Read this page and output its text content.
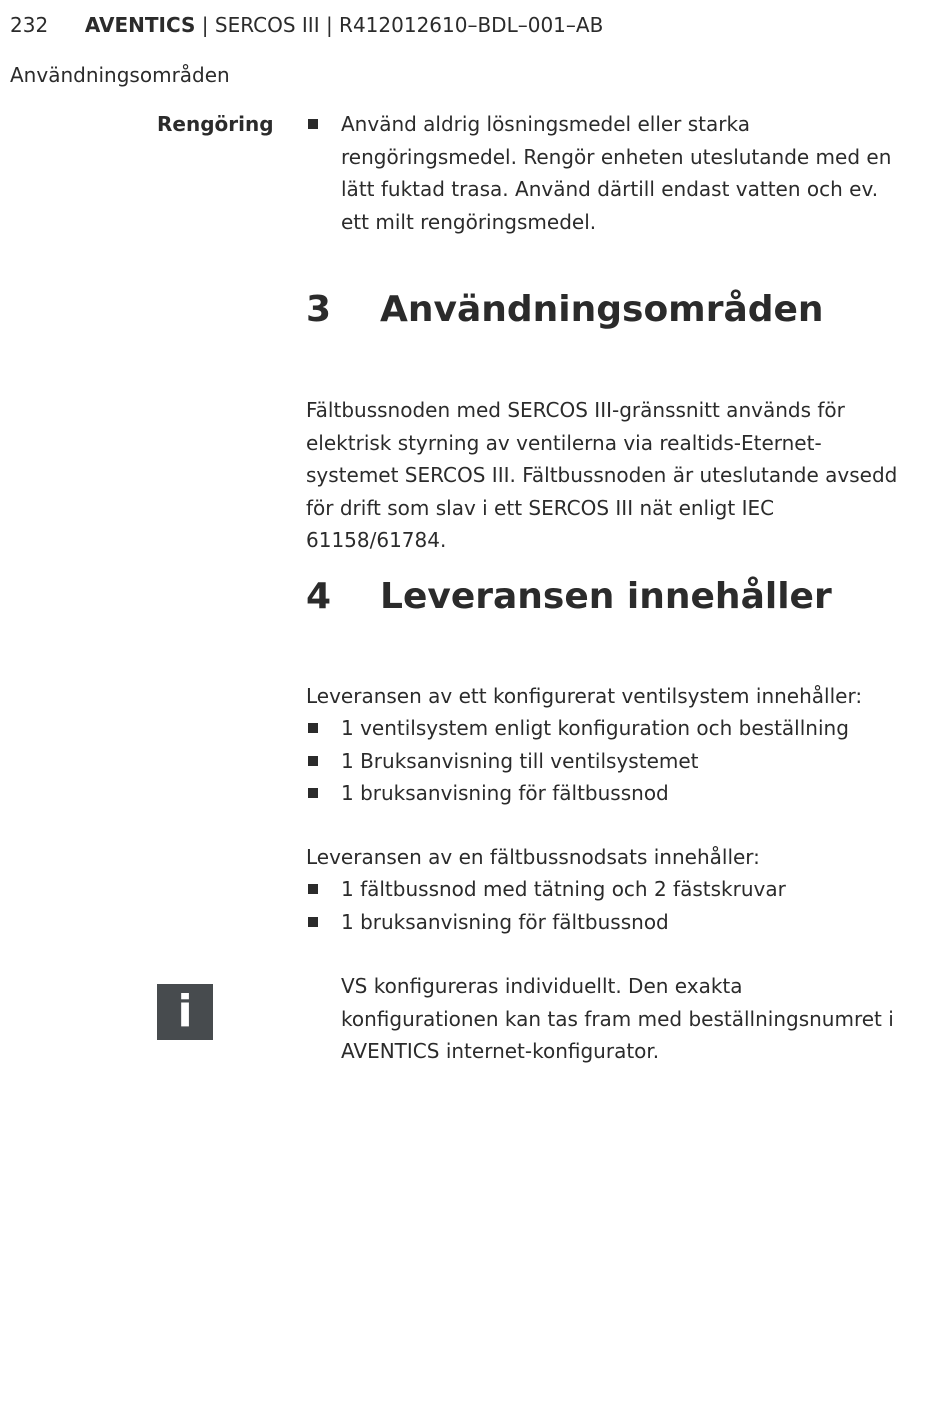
232 AVENTICS | SERCOS III | R412012610–BDL–001–AB
Användningsområden
Rengöring	Använd aldrig lösningsmedel eller starka rengöringsmedel. Rengör enheten uteslutande med en lätt fuktad trasa. Använd därtill endast vatten och ev. ett milt rengöringsmedel.
3 Användningsområden
Fältbussnoden med SERCOS III-gränssnitt används för elektrisk styrning av ventilerna via realtids-Eternet-systemet SERCOS III. Fältbussnoden är uteslutande avsedd för drift som slav i ett SERCOS III nät enligt IEC 61158/61784.
4 Leveransen innehåller
Leveransen av ett konfigurerat ventilsystem innehåller:
1 ventilsystem enligt konfiguration och beställning
1 Bruksanvisning till ventilsystemet
1 bruksanvisning för fältbussnod
Leveransen av en fältbussnodsats innehåller:
1 fältbussnod med tätning och 2 fästskruvar
1 bruksanvisning för fältbussnod
i	VS konfigureras individuellt. Den exakta konfigurationen kan tas fram med beställningsnumret i AVENTICS internet-konfigurator.
